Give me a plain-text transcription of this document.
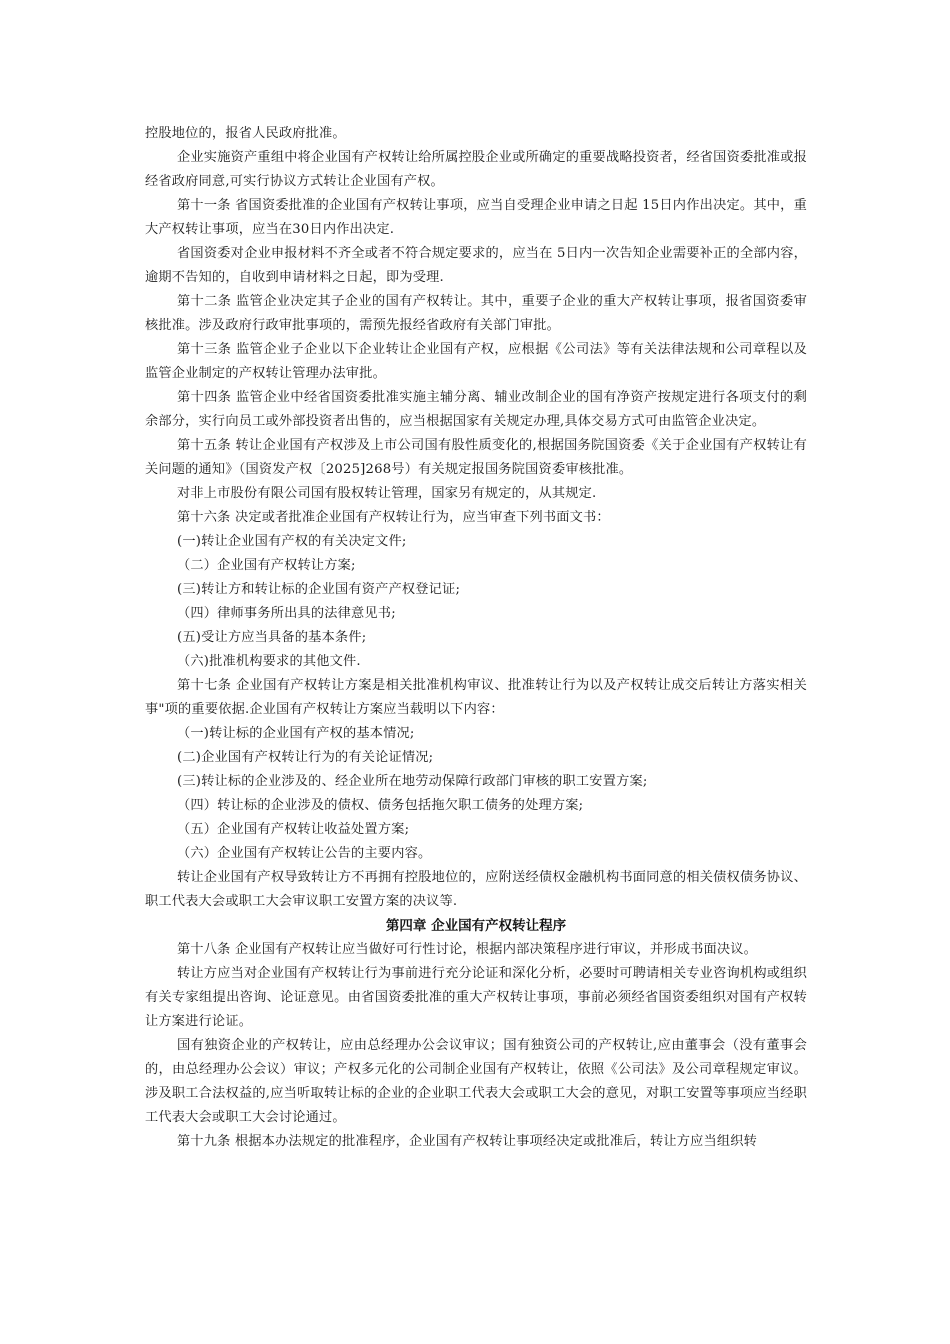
控股地位的，报省人民政府批准。

企业实施资产重组中将企业国有产权转让给所属控股企业或所确定的重要战略投资者，经省国资委批准或报经省政府同意,可实行协议方式转让企业国有产权。

第十一条 省国资委批准的企业国有产权转让事项，应当自受理企业申请之日起 15日内作出决定。其中，重大产权转让事项，应当在30日内作出决定.

省国资委对企业申报材料不齐全或者不符合规定要求的，应当在 5日内一次告知企业需要补正的全部内容，逾期不告知的，自收到申请材料之日起，即为受理.

第十二条 监管企业决定其子企业的国有产权转让。其中，重要子企业的重大产权转让事项，报省国资委审核批准。涉及政府行政审批事项的，需预先报经省政府有关部门审批。

第十三条 监管企业子企业以下企业转让企业国有产权，应根据《公司法》等有关法律法规和公司章程以及监管企业制定的产权转让管理办法审批。

第十四条 监管企业中经省国资委批准实施主辅分离、辅业改制企业的国有净资产按规定进行各项支付的剩余部分，实行向员工或外部投资者出售的，应当根据国家有关规定办理,具体交易方式可由监管企业决定。

第十五条 转让企业国有产权涉及上市公司国有股性质变化的,根据国务院国资委《关于企业国有产权转让有关问题的通知》（国资发产权〔2025]268号）有关规定报国务院国资委审核批准。

对非上市股份有限公司国有股权转让管理，国家另有规定的，从其规定.

第十六条 决定或者批准企业国有产权转让行为，应当审查下列书面文书：

(一)转让企业国有产权的有关决定文件;

（二）企业国有产权转让方案;

(三)转让方和转让标的企业国有资产产权登记证;

（四）律师事务所出具的法律意见书;

(五)受让方应当具备的基本条件;

（六)批准机构要求的其他文件.

第十七条 企业国有产权转让方案是相关批准机构审议、批准转让行为以及产权转让成交后转让方落实相关事"项的重要依据.企业国有产权转让方案应当载明以下内容：

（一)转让标的企业国有产权的基本情况;

(二)企业国有产权转让行为的有关论证情况;

(三)转让标的企业涉及的、经企业所在地劳动保障行政部门审核的职工安置方案;

（四）转让标的企业涉及的债权、债务包括拖欠职工债务的处理方案;

（五）企业国有产权转让收益处置方案;

（六）企业国有产权转让公告的主要内容。

转让企业国有产权导致转让方不再拥有控股地位的，应附送经债权金融机构书面同意的相关债权债务协议、职工代表大会或职工大会审议职工安置方案的决议等.

第四章 企业国有产权转让程序

第十八条 企业国有产权转让应当做好可行性讨论，根据内部决策程序进行审议，并形成书面决议。

转让方应当对企业国有产权转让行为事前进行充分论证和深化分析，必要时可聘请相关专业咨询机构或组织有关专家组提出咨询、论证意见。由省国资委批准的重大产权转让事项，事前必须经省国资委组织对国有产权转让方案进行论证。

国有独资企业的产权转让，应由总经理办公会议审议；国有独资公司的产权转让,应由董事会（没有董事会的，由总经理办公会议）审议；产权多元化的公司制企业国有产权转让，依照《公司法》及公司章程规定审议。涉及职工合法权益的,应当听取转让标的企业的企业职工代表大会或职工大会的意见，对职工安置等事项应当经职工代表大会或职工大会讨论通过。

第十九条 根据本办法规定的批准程序，企业国有产权转让事项经决定或批准后，转让方应当组织转
